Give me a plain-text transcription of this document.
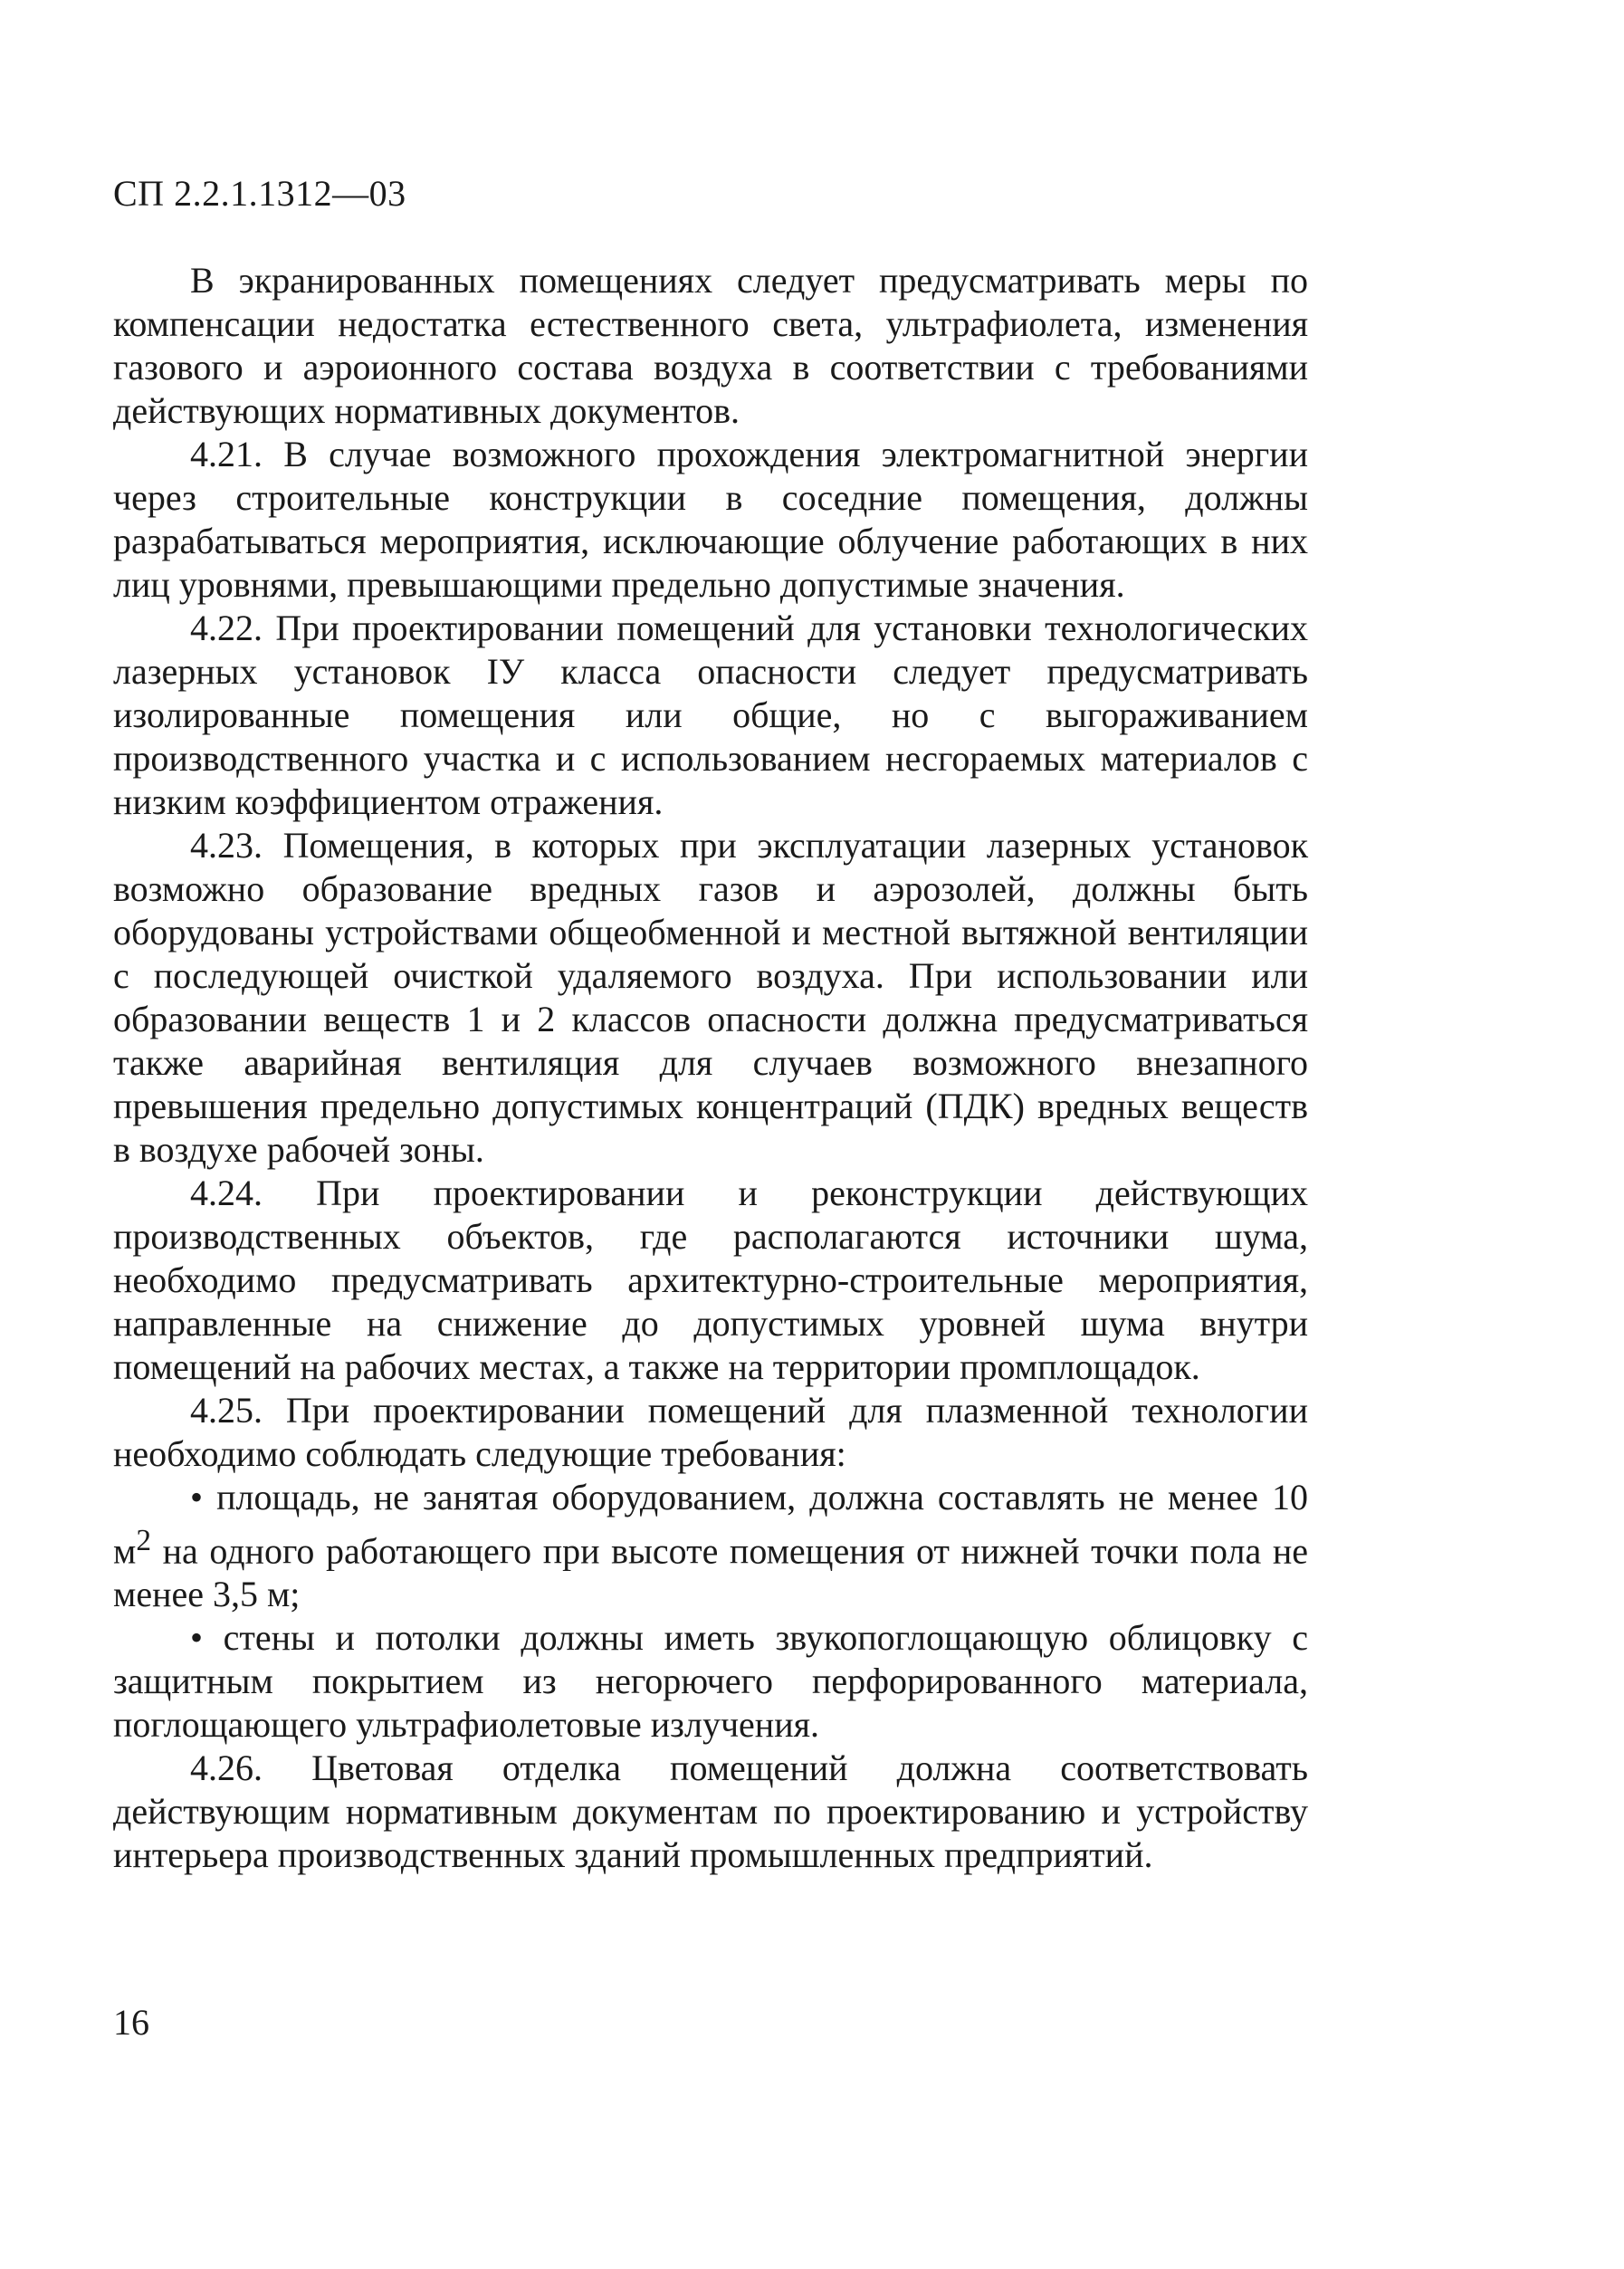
СП 2.2.1.1312—03

В экранированных помещениях следует предусматривать меры по компенсации недостатка естественного света, ультрафиолета, изменения газового и аэроионного состава воздуха в соответствии с требованиями действующих нормативных документов.

4.21. В случае возможного прохождения электромагнитной энергии через строительные конструкции в соседние помещения, должны разрабатываться мероприятия, исключающие облучение работающих в них лиц уровнями, превышающими предельно допустимые значения.

4.22. При проектировании помещений для установки технологических лазерных установок IУ класса опасности следует предусматривать изолированные помещения или общие, но с выгораживанием производственного участка и с использованием несгораемых материалов с низким коэффициентом отражения.

4.23. Помещения, в которых при эксплуатации лазерных установок возможно образование вредных газов и аэрозолей, должны быть оборудованы устройствами общеобменной и местной вытяжной вентиляции с последующей очисткой удаляемого воздуха. При использовании или образовании веществ 1 и 2 классов опасности должна предусматриваться также аварийная вентиляция для случаев возможного внезапного превышения предельно допустимых концентраций (ПДК) вредных веществ в воздухе рабочей зоны.

4.24. При проектировании и реконструкции действующих производственных объектов, где располагаются источники шума, необходимо предусматривать архитектурно-строительные мероприятия, направленные на снижение до допустимых уровней шума внутри помещений на рабочих местах, а также на территории промплощадок.

4.25. При проектировании помещений для плазменной технологии необходимо соблюдать следующие требования:

• площадь, не занятая оборудованием, должна составлять не менее 10 $м^2$ на одного работающего при высоте помещения от нижней точки пола не менее 3,5 м;

• стены и потолки должны иметь звукопоглощающую облицовку с защитным покрытием из негорючего перфорированного материала, поглощающего ультрафиолетовые излучения.

4.26. Цветовая отделка помещений должна соответствовать действующим нормативным документам по проектированию и устройству интерьера производственных зданий промышленных предприятий.

16
